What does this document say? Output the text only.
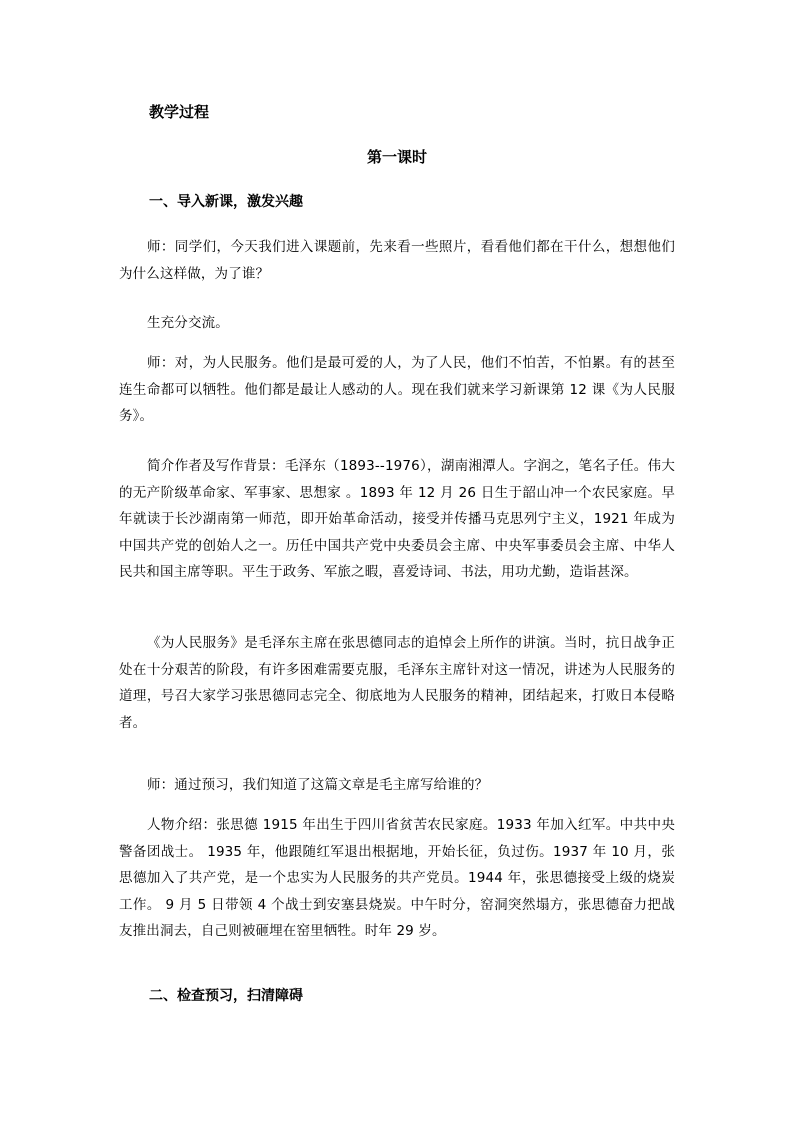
教学过程
第一课时
一、导入新课，激发兴趣
师：同学们，今天我们进入课题前，先来看一些照片，看看他们都在干什么，想想他们为什么这样做，为了谁？
生充分交流。
师：对，为人民服务。他们是最可爱的人，为了人民，他们不怕苦，不怕累。有的甚至连生命都可以牺牲。他们都是最让人感动的人。现在我们就来学习新课第 12 课《为人民服务》。
简介作者及写作背景：毛泽东（1893--1976），湖南湘潭人。字润之，笔名子任。伟大的无产阶级革命家、军事家、思想家 。1893 年 12 月 26 日生于韶山冲一个农民家庭。早年就读于长沙湖南第一师范，即开始革命活动，接受并传播马克思列宁主义，1921 年成为中国共产党的创始人之一。历任中国共产党中央委员会主席、中央军事委员会主席、中华人民共和国主席等职。平生于政务、军旅之暇，喜爱诗词、书法，用功尤勤，造诣甚深。
《为人民服务》是毛泽东主席在张思德同志的追悼会上所作的讲演。当时，抗日战争正处在十分艰苦的阶段，有许多困难需要克服，毛泽东主席针对这一情况，讲述为人民服务的道理，号召大家学习张思德同志完全、彻底地为人民服务的精神，团结起来，打败日本侵略者。
师：通过预习，我们知道了这篇文章是毛主席写给谁的？
人物介绍：张思德 1915 年出生于四川省贫苦农民家庭。1933 年加入红军。中共中央警备团战士。 1935 年，他跟随红军退出根据地，开始长征，负过伤。1937 年 10 月，张思德加入了共产党，是一个忠实为人民服务的共产党员。1944 年，张思德接受上级的烧炭工作。 9 月 5 日带领 4 个战士到安塞县烧炭。中午时分，窑洞突然塌方，张思德奋力把战友推出洞去，自己则被砸埋在窑里牺牲。时年 29 岁。
二、检查预习，扫清障碍
